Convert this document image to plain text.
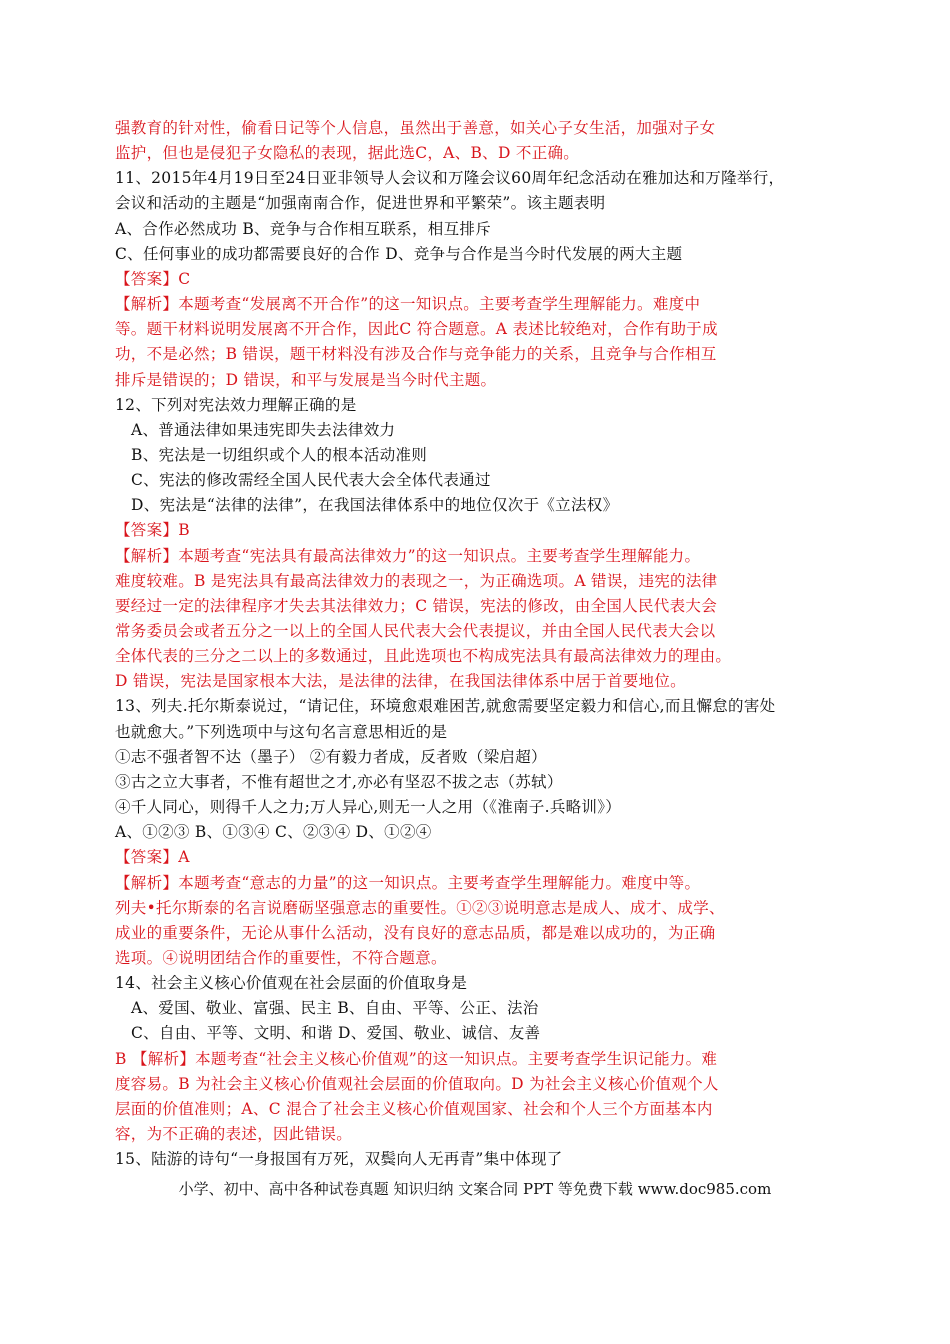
强教育的针对性，偷看日记等个人信息，虽然出于善意，如关心子女生活，加强对子女
监护，但也是侵犯子女隐私的表现，据此选C，A、B、D 不正确。
11、2015年4月19日至24日亚非领导人会议和万隆会议60周年纪念活动在雅加达和万隆举行，
会议和活动的主题是“加强南南合作，促进世界和平繁荣”。该主题表明
A、合作必然成功 B、竞争与合作相互联系，相互排斥
C、任何事业的成功都需要良好的合作 D、竞争与合作是当今时代发展的两大主题
【答案】C
【解析】本题考查“发展离不开合作”的这一知识点。主要考查学生理解能力。难度中
等。题干材料说明发展离不开合作，因此C 符合题意。A 表述比较绝对，合作有助于成
功，不是必然；B 错误，题干材料没有涉及合作与竞争能力的关系，且竞争与合作相互
排斥是错误的；D 错误，和平与发展是当今时代主题。
12、下列对宪法效力理解正确的是
A、普通法律如果违宪即失去法律效力
B、宪法是一切组织或个人的根本活动准则
C、宪法的修改需经全国人民代表大会全体代表通过
D、宪法是“法律的法律”，在我国法律体系中的地位仅次于《立法权》
【答案】B
【解析】本题考查“宪法具有最高法律效力”的这一知识点。主要考查学生理解能力。
难度较难。B 是宪法具有最高法律效力的表现之一，为正确选项。A 错误，违宪的法律
要经过一定的法律程序才失去其法律效力；C 错误，宪法的修改，由全国人民代表大会
常务委员会或者五分之一以上的全国人民代表大会代表提议，并由全国人民代表大会以
全体代表的三分之二以上的多数通过，且此选项也不构成宪法具有最高法律效力的理由。
D 错误，宪法是国家根本大法，是法律的法律，在我国法律体系中居于首要地位。
13、列夫.托尔斯泰说过，“请记住，环境愈艰难困苦,就愈需要坚定毅力和信心,而且懈怠的害处
也就愈大。”下列选项中与这句名言意思相近的是
①志不强者智不达（墨子） ②有毅力者成，反者败（梁启超）
③古之立大事者，不惟有超世之才,亦必有坚忍不拔之志（苏轼）
④千人同心，则得千人之力;万人异心,则无一人之用（《淮南子.兵略训》）
A、①②③ B、①③④ C、②③④ D、①②④
【答案】A
【解析】本题考查“意志的力量”的这一知识点。主要考查学生理解能力。难度中等。
列夫•托尔斯泰的名言说磨砺坚强意志的重要性。①②③说明意志是成人、成才、成学、
成业的重要条件，无论从事什么活动，没有良好的意志品质，都是难以成功的，为正确
选项。④说明团结合作的重要性，不符合题意。
14、社会主义核心价值观在社会层面的价值取身是
A、爱国、敬业、富强、民主 B、自由、平等、公正、法治
C、自由、平等、文明、和谐 D、爱国、敬业、诚信、友善
B 【解析】本题考查“社会主义核心价值观”的这一知识点。主要考查学生识记能力。难
度容易。B 为社会主义核心价值观社会层面的价值取向。D 为社会主义核心价值观个人
层面的价值准则；A、C 混合了社会主义核心价值观国家、社会和个人三个方面基本内
容，为不正确的表述，因此错误。
15、陆游的诗句“一身报国有万死，双鬓向人无再青”集中体现了
小学、初中、高中各种试卷真题 知识归纳 文案合同 PPT 等免费下载 www.doc985.com
